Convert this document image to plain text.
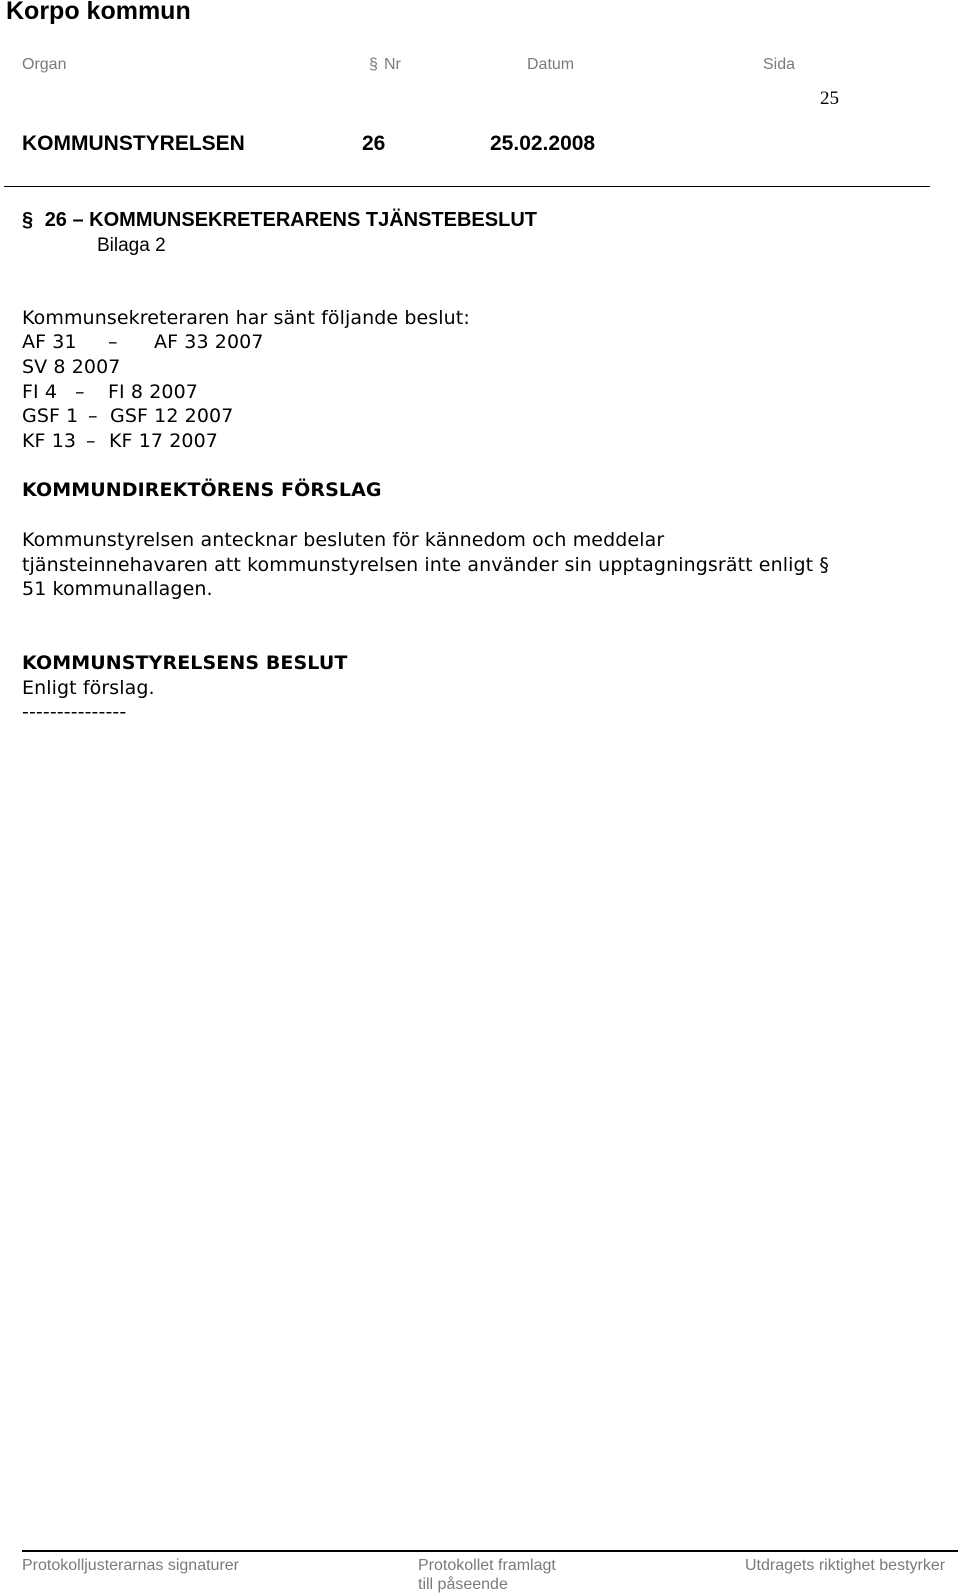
Korpo kommun
Organ	§ Nr	Datum	Sida
25
KOMMUNSTYRELSEN	26	25.02.2008
§ 26 – KOMMUNSEKRETERARENS TJÄNSTEBESLUT
Bilaga 2
Kommunsekreteraren har sänt följande beslut:
AF 31 – AF 33 2007
SV 8 2007
FI 4 – FI 8 2007
GSF 1 – GSF 12 2007
KF 13 – KF 17 2007
KOMMUNDIREKTÖRENS FÖRSLAG
Kommunstyrelsen antecknar besluten för kännedom och meddelar
tjänsteinnehavaren att kommunstyrelsen inte använder sin upptagningsrätt enligt §
51 kommunallagen.
KOMMUNSTYRELSENS BESLUT
Enligt förslag.
---------------
Protokolljusterarnas signaturer	Protokollet framlagt
till påseende
Utdragets riktighet bestyrker
